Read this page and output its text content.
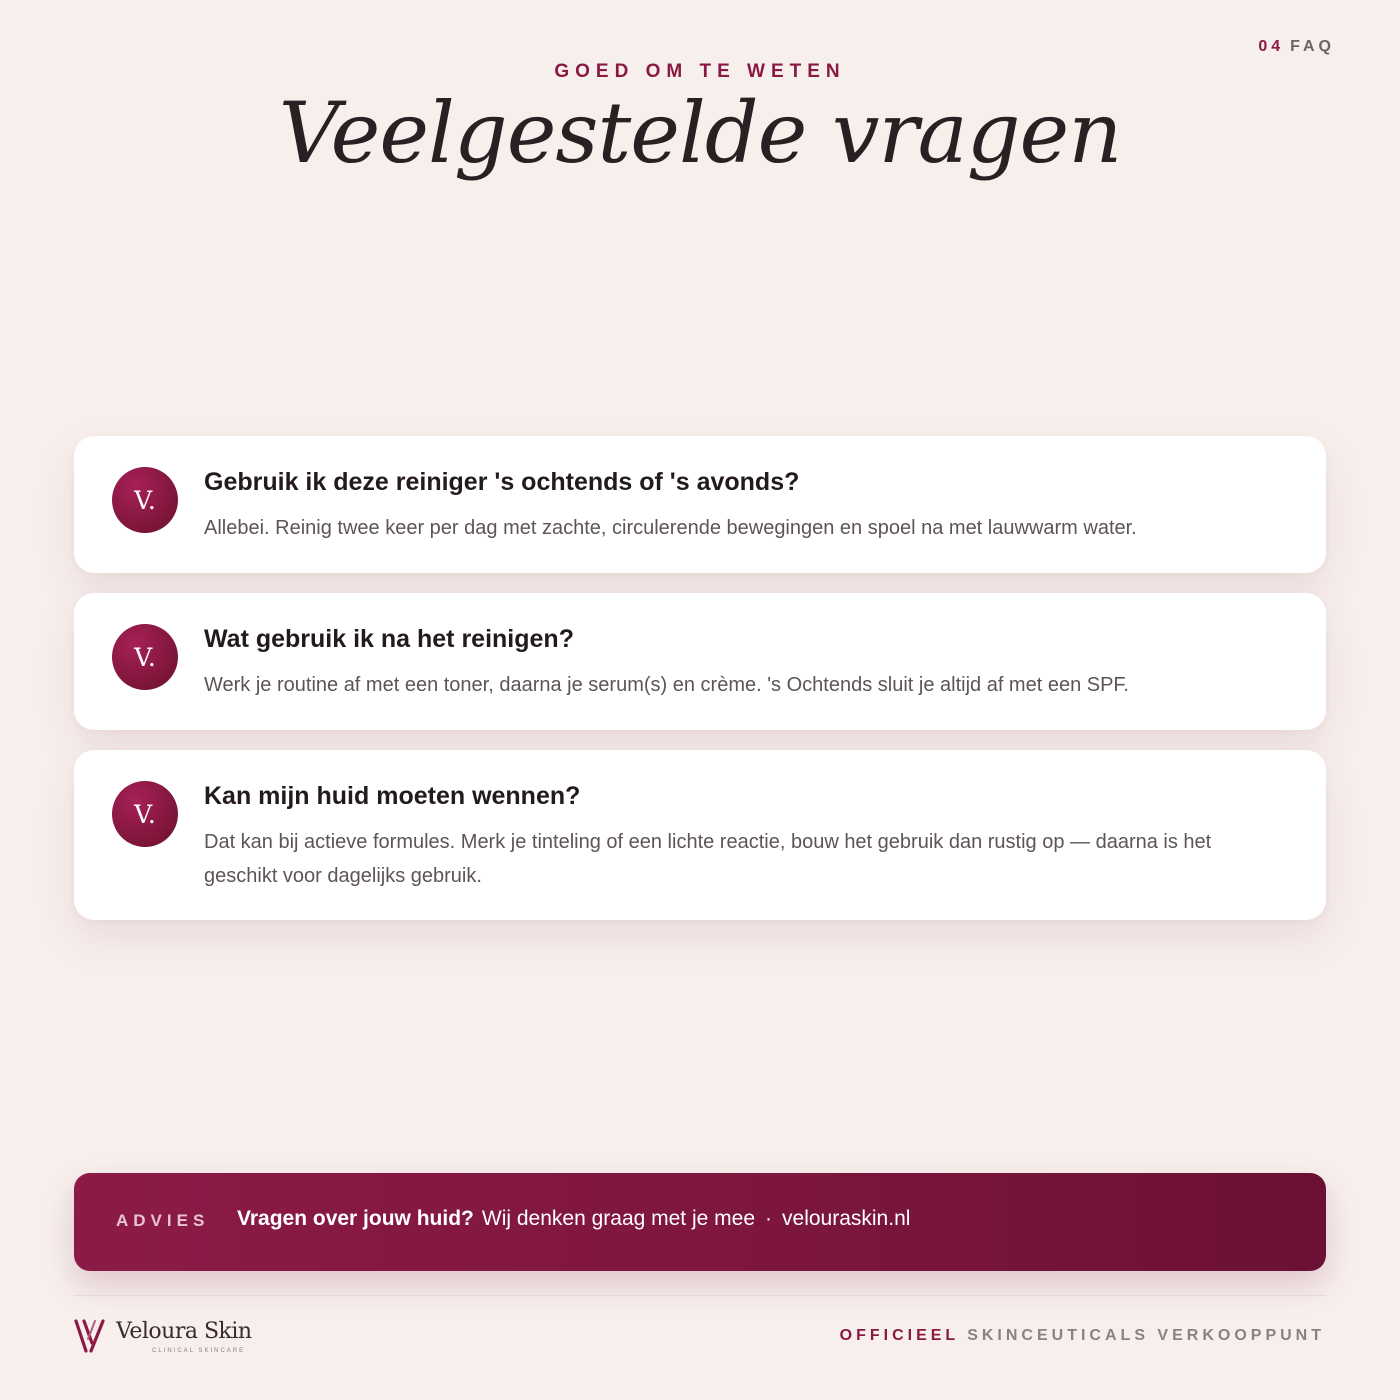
04 FAQ
GOED OM TE WETEN
Veelgestelde vragen
V.
Gebruik ik deze reiniger 's ochtends of 's avonds?
Allebei. Reinig twee keer per dag met zachte, circulerende bewegingen en spoel na met lauwwarm water.
V.
Wat gebruik ik na het reinigen?
Werk je routine af met een toner, daarna je serum(s) en crème. 's Ochtends sluit je altijd af met een SPF.
V.
Kan mijn huid moeten wennen?
Dat kan bij actieve formules. Merk je tinteling of een lichte reactie, bouw het gebruik dan rustig op — daarna is het geschikt voor dagelijks gebruik.
ADVIES Vragen over jouw huid? Wij denken graag met je mee · velouraskin.nl
Veloura Skin
CLINICAL SKINCARE
OFFICIEEL SKINCEUTICALS VERKOOPPUNT
